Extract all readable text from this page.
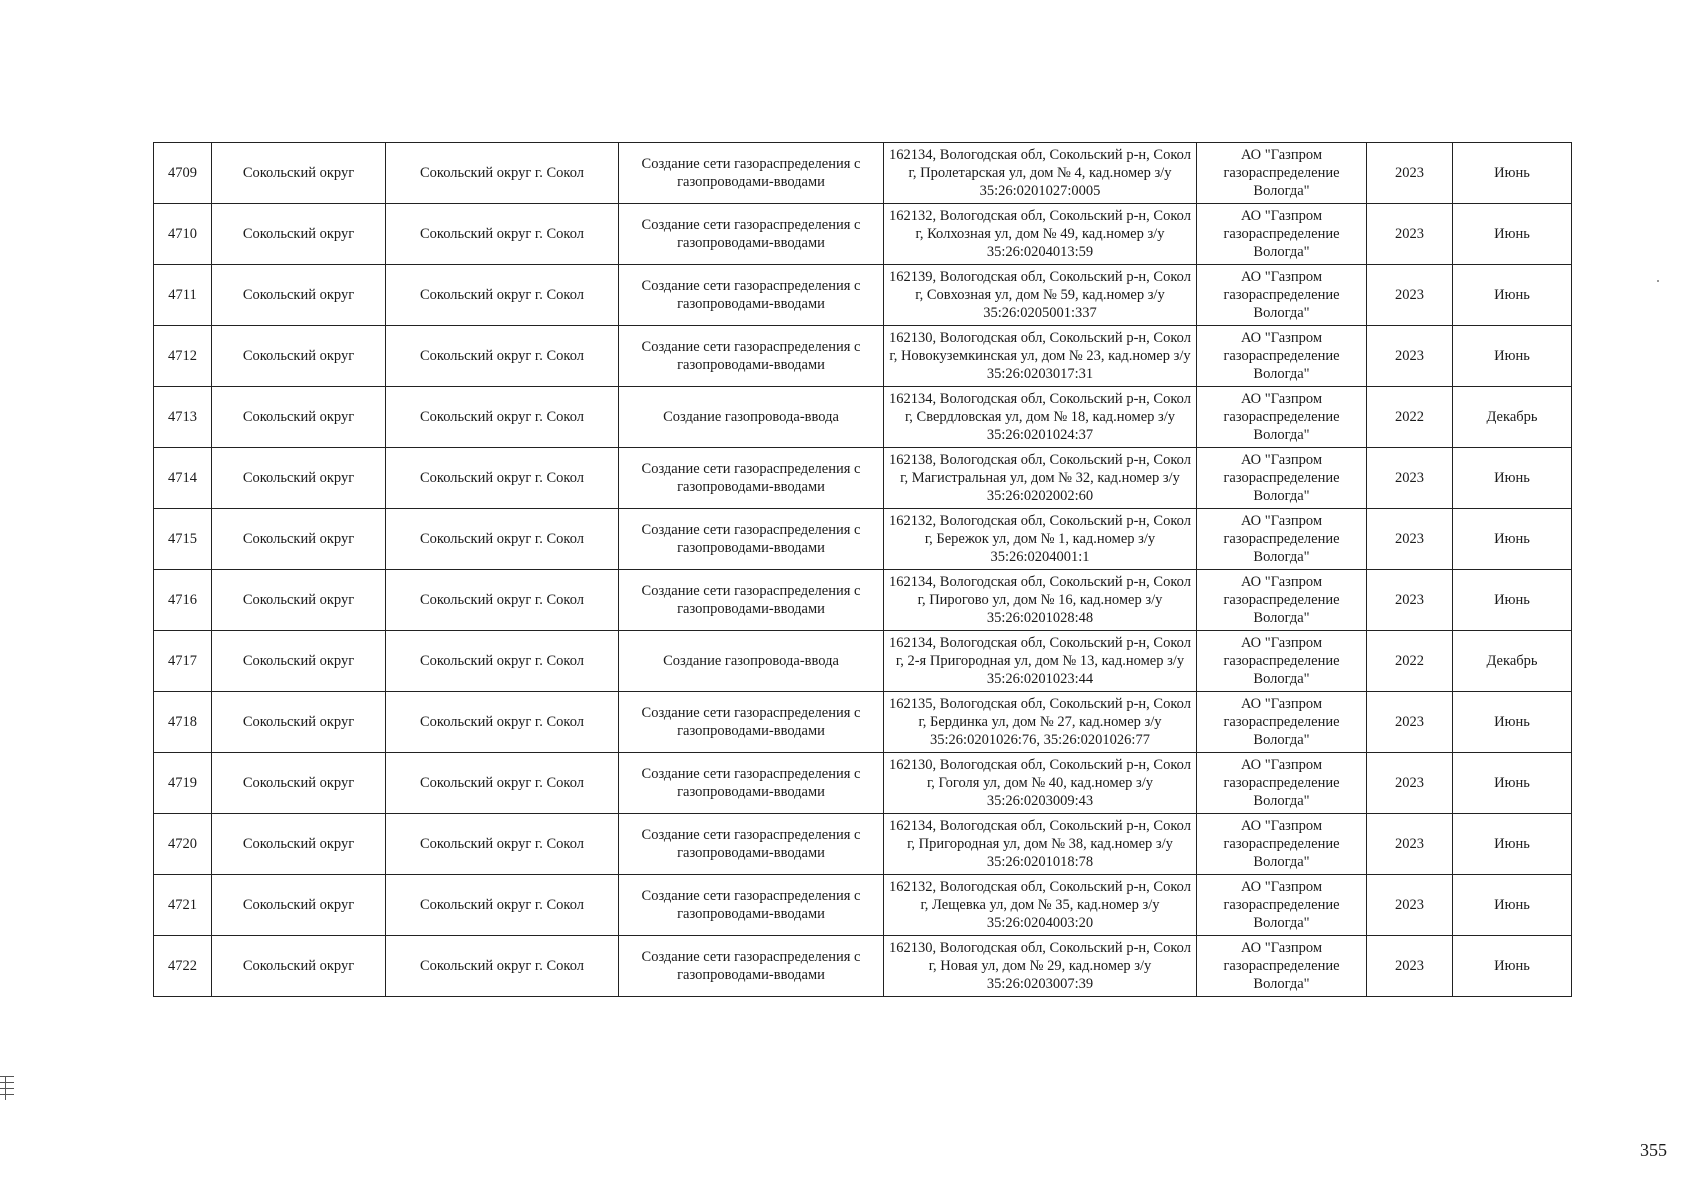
4709	Сокольский округ	Сокольский округ г. Сокол	Создание сети газораспределения с газопроводами-вводами	162134, Вологодская обл, Сокольский р-н, Сокол г, Пролетарская ул, дом № 4, кад.номер з/у 35:26:0201027:0005	АО "Газпром газораспределение Вологда"	2023	Июнь
4710	Сокольский округ	Сокольский округ г. Сокол	Создание сети газораспределения с газопроводами-вводами	162132, Вологодская обл, Сокольский р-н, Сокол г, Колхозная ул, дом № 49, кад.номер з/у 35:26:0204013:59	АО "Газпром газораспределение Вологда"	2023	Июнь
4711	Сокольский округ	Сокольский округ г. Сокол	Создание сети газораспределения с газопроводами-вводами	162139, Вологодская обл, Сокольский р-н, Сокол г, Совхозная ул, дом № 59, кад.номер з/у 35:26:0205001:337	АО "Газпром газораспределение Вологда"	2023	Июнь
4712	Сокольский округ	Сокольский округ г. Сокол	Создание сети газораспределения с газопроводами-вводами	162130, Вологодская обл, Сокольский р-н, Сокол г, Новокуземкинская ул, дом № 23, кад.номер з/у 35:26:0203017:31	АО "Газпром газораспределение Вологда"	2023	Июнь
4713	Сокольский округ	Сокольский округ г. Сокол	Создание газопровода-ввода	162134, Вологодская обл, Сокольский р-н, Сокол г, Свердловская ул, дом № 18, кад.номер з/у 35:26:0201024:37	АО "Газпром газораспределение Вологда"	2022	Декабрь
4714	Сокольский округ	Сокольский округ г. Сокол	Создание сети газораспределения с газопроводами-вводами	162138, Вологодская обл, Сокольский р-н, Сокол г, Магистральная ул, дом № 32, кад.номер з/у 35:26:0202002:60	АО "Газпром газораспределение Вологда"	2023	Июнь
4715	Сокольский округ	Сокольский округ г. Сокол	Создание сети газораспределения с газопроводами-вводами	162132, Вологодская обл, Сокольский р-н, Сокол г, Бережок ул, дом № 1, кад.номер з/у 35:26:0204001:1	АО "Газпром газораспределение Вологда"	2023	Июнь
4716	Сокольский округ	Сокольский округ г. Сокол	Создание сети газораспределения с газопроводами-вводами	162134, Вологодская обл, Сокольский р-н, Сокол г, Пирогово ул, дом № 16, кад.номер з/у 35:26:0201028:48	АО "Газпром газораспределение Вологда"	2023	Июнь
4717	Сокольский округ	Сокольский округ г. Сокол	Создание газопровода-ввода	162134, Вологодская обл, Сокольский р-н, Сокол г, 2-я Пригородная ул, дом № 13, кад.номер з/у 35:26:0201023:44	АО "Газпром газораспределение Вологда"	2022	Декабрь
4718	Сокольский округ	Сокольский округ г. Сокол	Создание сети газораспределения с газопроводами-вводами	162135, Вологодская обл, Сокольский р-н, Сокол г, Бердинка ул, дом № 27, кад.номер з/у 35:26:0201026:76, 35:26:0201026:77	АО "Газпром газораспределение Вологда"	2023	Июнь
4719	Сокольский округ	Сокольский округ г. Сокол	Создание сети газораспределения с газопроводами-вводами	162130, Вологодская обл, Сокольский р-н, Сокол г, Гоголя ул, дом № 40, кад.номер з/у 35:26:0203009:43	АО "Газпром газораспределение Вологда"	2023	Июнь
4720	Сокольский округ	Сокольский округ г. Сокол	Создание сети газораспределения с газопроводами-вводами	162134, Вологодская обл, Сокольский р-н, Сокол г, Пригородная ул, дом № 38, кад.номер з/у 35:26:0201018:78	АО "Газпром газораспределение Вологда"	2023	Июнь
4721	Сокольский округ	Сокольский округ г. Сокол	Создание сети газораспределения с газопроводами-вводами	162132, Вологодская обл, Сокольский р-н, Сокол г, Лещевка ул, дом № 35, кад.номер з/у 35:26:0204003:20	АО "Газпром газораспределение Вологда"	2023	Июнь
4722	Сокольский округ	Сокольский округ г. Сокол	Создание сети газораспределения с газопроводами-вводами	162130, Вологодская обл, Сокольский р-н, Сокол г, Новая ул, дом № 29, кад.номер з/у 35:26:0203007:39	АО "Газпром газораспределение Вологда"	2023	Июнь
355
